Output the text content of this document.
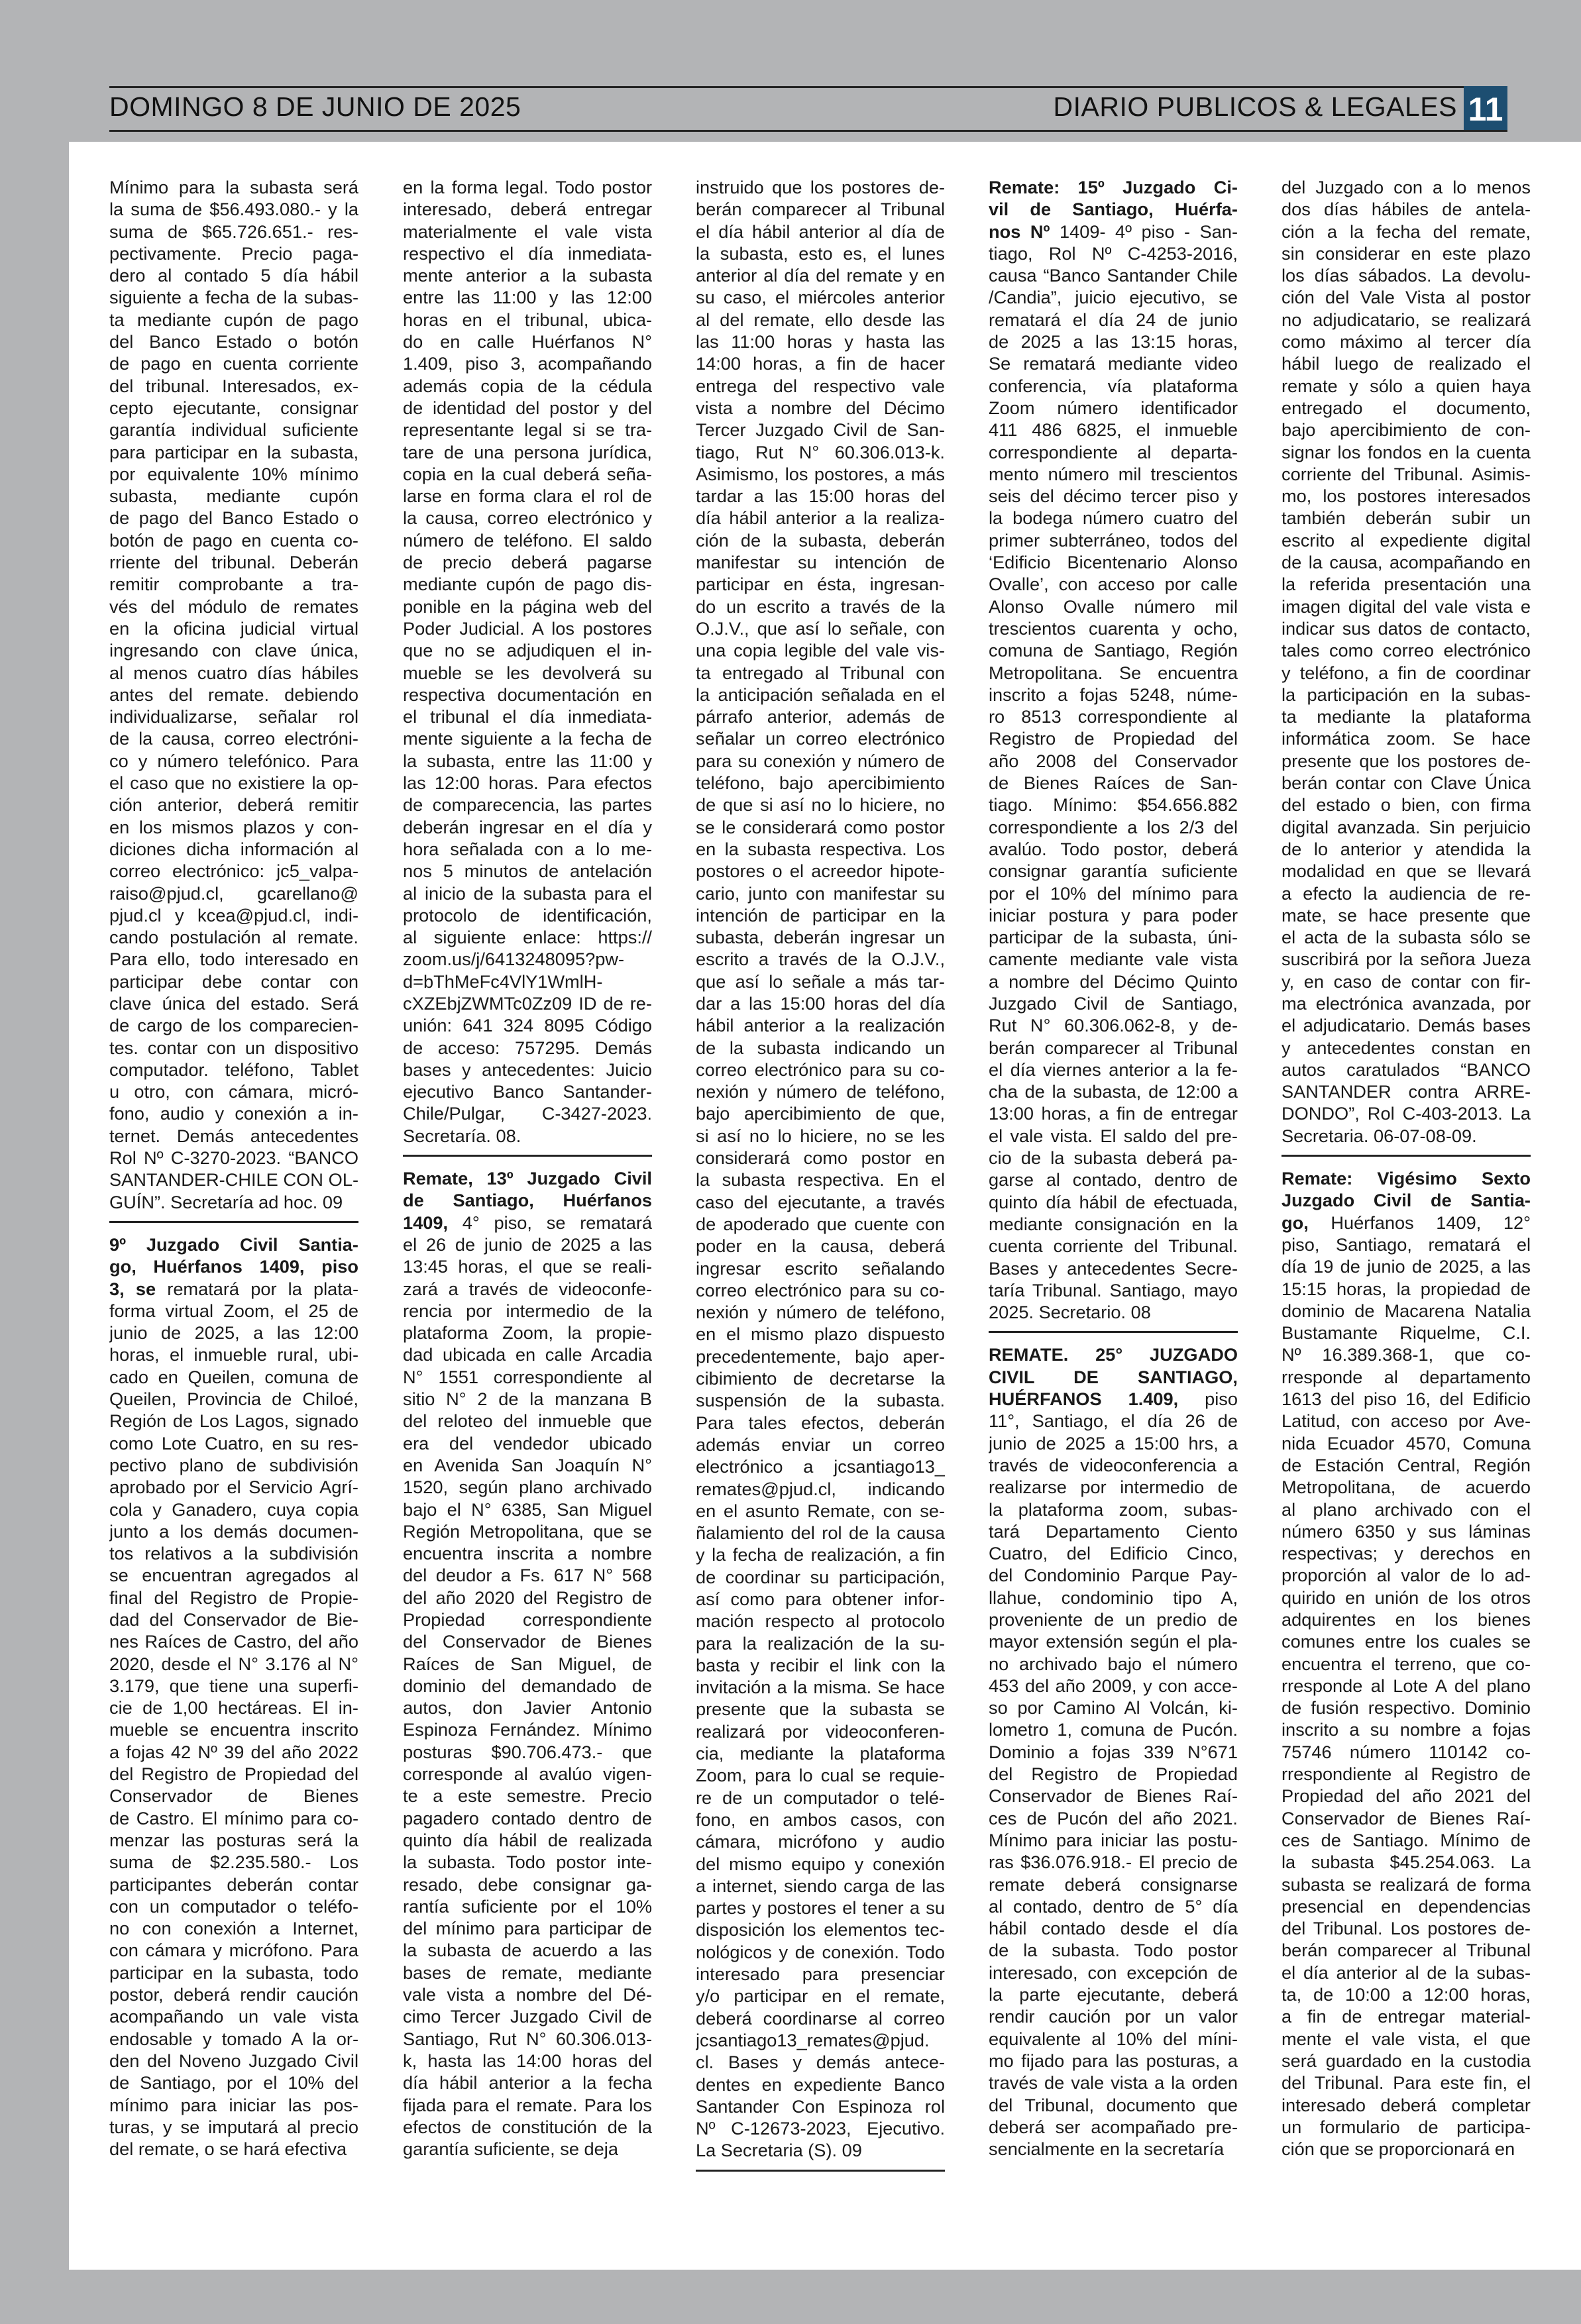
DOMINGO 8 DE JUNIO DE 2025	DIARIO PUBLICOS & LEGALES 11
Mínimo para la subasta será
la suma de $56.493.080.- y la
suma de $65.726.651.- res-
pectivamente. Precio paga-
dero al contado 5 día hábil
siguiente a fecha de la subas-
ta mediante cupón de pago
del Banco Estado o botón
de pago en cuenta corriente
del tribunal. Interesados, ex-
cepto ejecutante, consignar
garantía individual suficiente
para participar en la subasta,
por equivalente 10% mínimo
subasta, mediante cupón
de pago del Banco Estado o
botón de pago en cuenta co-
rriente del tribunal. Deberán
remitir comprobante a tra-
vés del módulo de remates
en la oficina judicial virtual
ingresando con clave única,
al menos cuatro días hábiles
antes del remate. debiendo
individualizarse, señalar rol
de la causa, correo electróni-
co y número telefónico. Para
el caso que no existiere la op-
ción anterior, deberá remitir
en los mismos plazos y con-
diciones dicha información al
correo electrónico: jc5_valpa-
raiso@pjud.cl, gcarellano@
pjud.cl y kcea@pjud.cl, indi-
cando postulación al remate.
Para ello, todo interesado en
participar debe contar con
clave única del estado. Será
de cargo de los comparecien-
tes. contar con un dispositivo
computador. teléfono, Tablet
u otro, con cámara, micró-
fono, audio y conexión a in-
ternet. Demás antecedentes
Rol Nº C-3270-2023. “BANCO
SANTANDER-CHILE CON OL-
GUÍN”. Secretaría ad hoc. 09
9º Juzgado Civil Santia-
go, Huérfanos 1409, piso
3, se rematará por la plata-
forma virtual Zoom, el 25 de
junio de 2025, a las 12:00
horas, el inmueble rural, ubi-
cado en Queilen, comuna de
Queilen, Provincia de Chiloé,
Región de Los Lagos, signado
como Lote Cuatro, en su res-
pectivo plano de subdivisión
aprobado por el Servicio Agrí-
cola y Ganadero, cuya copia
junto a los demás documen-
tos relativos a la subdivisión
se encuentran agregados al
final del Registro de Propie-
dad del Conservador de Bie-
nes Raíces de Castro, del año
2020, desde el N° 3.176 al N°
3.179, que tiene una superfi-
cie de 1,00 hectáreas. El in-
mueble se encuentra inscrito
a fojas 42 Nº 39 del año 2022
del Registro de Propiedad del
Conservador de Bienes
de Castro. El mínimo para co-
menzar las posturas será la
suma de $2.235.580.- Los
participantes deberán contar
con un computador o teléfo-
no con conexión a Internet,
con cámara y micrófono. Para
participar en la subasta, todo
postor, deberá rendir caución
acompañando un vale vista
endosable y tomado A la or-
den del Noveno Juzgado Civil
de Santiago, por el 10% del
mínimo para iniciar las pos-
turas, y se imputará al precio
del remate, o se hará efectiva
en la forma legal. Todo postor
interesado, deberá entregar
materialmente el vale vista
respectivo el día inmediata-
mente anterior a la subasta
entre las 11:00 y las 12:00
horas en el tribunal, ubica-
do en calle Huérfanos N°
1.409, piso 3, acompañando
además copia de la cédula
de identidad del postor y del
representante legal si se tra-
tare de una persona jurídica,
copia en la cual deberá seña-
larse en forma clara el rol de
la causa, correo electrónico y
número de teléfono. El saldo
de precio deberá pagarse
mediante cupón de pago dis-
ponible en la página web del
Poder Judicial. A los postores
que no se adjudiquen el in-
mueble se les devolverá su
respectiva documentación en
el tribunal el día inmediata-
mente siguiente a la fecha de
la subasta, entre las 11:00 y
las 12:00 horas. Para efectos
de comparecencia, las partes
deberán ingresar en el día y
hora señalada con a lo me-
nos 5 minutos de antelación
al inicio de la subasta para el
protocolo de identificación,
al siguiente enlace: https://
zoom.us/j/6413248095?pw-
d=bThMeFc4VlY1WmlH-
cXZEbjZWMTc0Zz09 ID de re-
unión: 641 324 8095 Código
de acceso: 757295. Demás
bases y antecedentes: Juicio
ejecutivo Banco Santander-
Chile/Pulgar, C-3427-2023.
Secretaría. 08.
Remate, 13º Juzgado Civil
de Santiago, Huérfanos
1409, 4° piso, se rematará
el 26 de junio de 2025 a las
13:45 horas, el que se reali-
zará a través de videoconfe-
rencia por intermedio de la
plataforma Zoom, la propie-
dad ubicada en calle Arcadia
N° 1551 correspondiente al
sitio N° 2 de la manzana B
del reloteo del inmueble que
era del vendedor ubicado
en Avenida San Joaquín N°
1520, según plano archivado
bajo el N° 6385, San Miguel
Región Metropolitana, que se
encuentra inscrita a nombre
del deudor a Fs. 617 N° 568
del año 2020 del Registro de
Propiedad correspondiente
del Conservador de Bienes
Raíces de San Miguel, de
dominio del demandado de
autos, don Javier Antonio
Espinoza Fernández. Mínimo
posturas $90.706.473.- que
corresponde al avalúo vigen-
te a este semestre. Precio
pagadero contado dentro de
quinto día hábil de realizada
la subasta. Todo postor inte-
resado, debe consignar ga-
rantía suficiente por el 10%
del mínimo para participar de
la subasta de acuerdo a las
bases de remate, mediante
vale vista a nombre del Dé-
cimo Tercer Juzgado Civil de
Santiago, Rut N° 60.306.013-
k, hasta las 14:00 horas del
día hábil anterior a la fecha
fijada para el remate. Para los
efectos de constitución de la
garantía suficiente, se deja
instruido que los postores de-
berán comparecer al Tribunal
el día hábil anterior al día de
la subasta, esto es, el lunes
anterior al día del remate y en
su caso, el miércoles anterior
al del remate, ello desde las
las 11:00 horas y hasta las
14:00 horas, a fin de hacer
entrega del respectivo vale
vista a nombre del Décimo
Tercer Juzgado Civil de San-
tiago, Rut N° 60.306.013-k.
Asimismo, los postores, a más
tardar a las 15:00 horas del
día hábil anterior a la realiza-
ción de la subasta, deberán
manifestar su intención de
participar en ésta, ingresan-
do un escrito a través de la
O.J.V., que así lo señale, con
una copia legible del vale vis-
ta entregado al Tribunal con
la anticipación señalada en el
párrafo anterior, además de
señalar un correo electrónico
para su conexión y número de
teléfono, bajo apercibimiento
de que si así no lo hiciere, no
se le considerará como postor
en la subasta respectiva. Los
postores o el acreedor hipote-
cario, junto con manifestar su
intención de participar en la
subasta, deberán ingresar un
escrito a través de la O.J.V.,
que así lo señale a más tar-
dar a las 15:00 horas del día
hábil anterior a la realización
de la subasta indicando un
correo electrónico para su co-
nexión y número de teléfono,
bajo apercibimiento de que,
si así no lo hiciere, no se les
considerará como postor en
la subasta respectiva. En el
caso del ejecutante, a través
de apoderado que cuente con
poder en la causa, deberá
ingresar escrito señalando
correo electrónico para su co-
nexión y número de teléfono,
en el mismo plazo dispuesto
precedentemente, bajo aper-
cibimiento de decretarse la
suspensión de la subasta.
Para tales efectos, deberán
además enviar un correo
electrónico a jcsantiago13_
remates@pjud.cl, indicando
en el asunto Remate, con se-
ñalamiento del rol de la causa
y la fecha de realización, a fin
de coordinar su participación,
así como para obtener infor-
mación respecto al protocolo
para la realización de la su-
basta y recibir el link con la
invitación a la misma. Se hace
presente que la subasta se
realizará por videoconferen-
cia, mediante la plataforma
Zoom, para lo cual se requie-
re de un computador o telé-
fono, en ambos casos, con
cámara, micrófono y audio
del mismo equipo y conexión
a internet, siendo carga de las
partes y postores el tener a su
disposición los elementos tec-
nológicos y de conexión. Todo
interesado para presenciar
y/o participar en el remate,
deberá coordinarse al correo
jcsantiago13_remates@pjud.
cl. Bases y demás antece-
dentes en expediente Banco
Santander Con Espinoza rol
Nº C-12673-2023, Ejecutivo.
La Secretaria (S). 09
Remate: 15º Juzgado Ci-
vil de Santiago, Huérfa-
nos Nº 1409- 4º piso - San-
tiago, Rol Nº C-4253-2016,
causa “Banco Santander Chile
/Candia”, juicio ejecutivo, se
rematará el día 24 de junio
de 2025 a las 13:15 horas,
Se rematará mediante video
conferencia, vía plataforma
Zoom número identificador
411 486 6825, el inmueble
correspondiente al departa-
mento número mil trescientos
seis del décimo tercer piso y
la bodega número cuatro del
primer subterráneo, todos del
‘Edificio Bicentenario Alonso
Ovalle’, con acceso por calle
Alonso Ovalle número mil
trescientos cuarenta y ocho,
comuna de Santiago, Región
Metropolitana. Se encuentra
inscrito a fojas 5248, núme-
ro 8513 correspondiente al
Registro de Propiedad del
año 2008 del Conservador
de Bienes Raíces de San-
tiago. Mínimo: $54.656.882
correspondiente a los 2/3 del
avalúo. Todo postor, deberá
consignar garantía suficiente
por el 10% del mínimo para
iniciar postura y para poder
participar de la subasta, úni-
camente mediante vale vista
a nombre del Décimo Quinto
Juzgado Civil de Santiago,
Rut N° 60.306.062-8, y de-
berán comparecer al Tribunal
el día viernes anterior a la fe-
cha de la subasta, de 12:00 a
13:00 horas, a fin de entregar
el vale vista. El saldo del pre-
cio de la subasta deberá pa-
garse al contado, dentro de
quinto día hábil de efectuada,
mediante consignación en la
cuenta corriente del Tribunal.
Bases y antecedentes Secre-
taría Tribunal. Santiago, mayo
2025. Secretario. 08
REMATE. 25° JUZGADO
CIVIL DE SANTIAGO,
HUÉRFANOS 1.409, piso
11°, Santiago, el día 26 de
junio de 2025 a 15:00 hrs, a
través de videoconferencia a
realizarse por intermedio de
la plataforma zoom, subas-
tará Departamento Ciento
Cuatro, del Edificio Cinco,
del Condominio Parque Pay-
llahue, condominio tipo A,
proveniente de un predio de
mayor extensión según el pla-
no archivado bajo el número
453 del año 2009, y con acce-
so por Camino Al Volcán, ki-
lometro 1, comuna de Pucón.
Dominio a fojas 339 N°671
del Registro de Propiedad
Conservador de Bienes Raí-
ces de Pucón del año 2021.
Mínimo para iniciar las postu-
ras $36.076.918.- El precio de
remate deberá consignarse
al contado, dentro de 5° día
hábil contado desde el día
de la subasta. Todo postor
interesado, con excepción de
la parte ejecutante, deberá
rendir caución por un valor
equivalente al 10% del míni-
mo fijado para las posturas, a
través de vale vista a la orden
del Tribunal, documento que
deberá ser acompañado pre-
sencialmente en la secretaría
del Juzgado con a lo menos
dos días hábiles de antela-
ción a la fecha del remate,
sin considerar en este plazo
los días sábados. La devolu-
ción del Vale Vista al postor
no adjudicatario, se realizará
como máximo al tercer día
hábil luego de realizado el
remate y sólo a quien haya
entregado el documento,
bajo apercibimiento de con-
signar los fondos en la cuenta
corriente del Tribunal. Asimis-
mo, los postores interesados
también deberán subir un
escrito al expediente digital
de la causa, acompañando en
la referida presentación una
imagen digital del vale vista e
indicar sus datos de contacto,
tales como correo electrónico
y teléfono, a fin de coordinar
la participación en la subas-
ta mediante la plataforma
informática zoom. Se hace
presente que los postores de-
berán contar con Clave Única
del estado o bien, con firma
digital avanzada. Sin perjuicio
de lo anterior y atendida la
modalidad en que se llevará
a efecto la audiencia de re-
mate, se hace presente que
el acta de la subasta sólo se
suscribirá por la señora Jueza
y, en caso de contar con fir-
ma electrónica avanzada, por
el adjudicatario. Demás bases
y antecedentes constan en
autos caratulados “BANCO
SANTANDER contra ARRE-
DONDO”, Rol C-403-2013. La
Secretaria. 06-07-08-09.
Remate: Vigésimo Sexto
Juzgado Civil de Santia-
go, Huérfanos 1409, 12°
piso, Santiago, rematará el
día 19 de junio de 2025, a las
15:15 horas, la propiedad de
dominio de Macarena Natalia
Bustamante Riquelme, C.I.
Nº 16.389.368-1, que co-
rresponde al departamento
1613 del piso 16, del Edificio
Latitud, con acceso por Ave-
nida Ecuador 4570, Comuna
de Estación Central, Región
Metropolitana, de acuerdo
al plano archivado con el
número 6350 y sus láminas
respectivas; y derechos en
proporción al valor de lo ad-
quirido en unión de los otros
adquirentes en los bienes
comunes entre los cuales se
encuentra el terreno, que co-
rresponde al Lote A del plano
de fusión respectivo. Dominio
inscrito a su nombre a fojas
75746 número 110142 co-
rrespondiente al Registro de
Propiedad del año 2021 del
Conservador de Bienes Raí-
ces de Santiago. Mínimo de
la subasta $45.254.063. La
subasta se realizará de forma
presencial en dependencias
del Tribunal. Los postores de-
berán comparecer al Tribunal
el día anterior al de la subas-
ta, de 10:00 a 12:00 horas,
a fin de entregar material-
mente el vale vista, el que
será guardado en la custodia
del Tribunal. Para este fin, el
interesado deberá completar
un formulario de participa-
ción que se proporcionará en
